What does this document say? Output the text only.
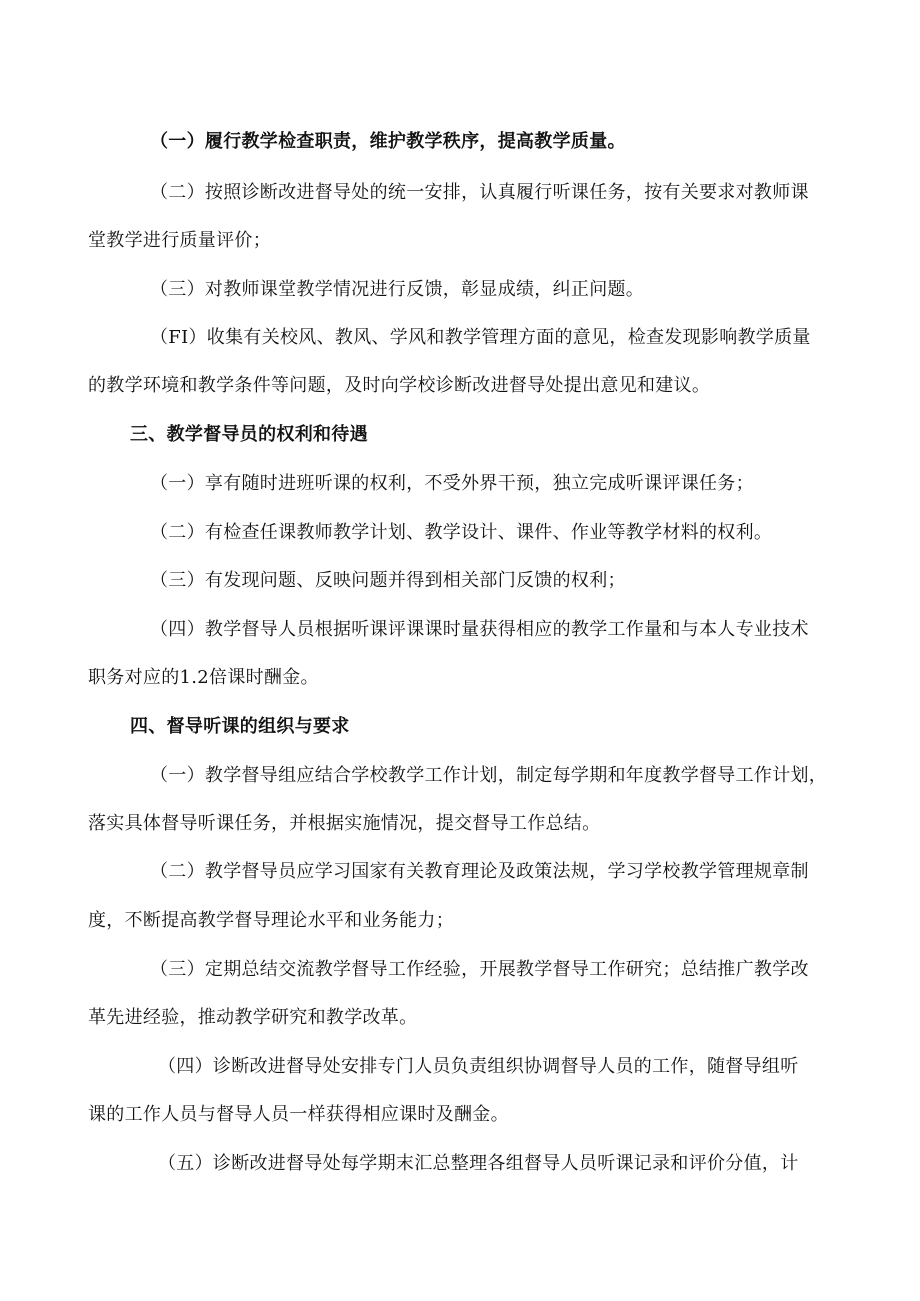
（一）履行教学检查职责，维护教学秩序，提高教学质量。
（二）按照诊断改进督导处的统一安排，认真履行听课任务，按有关要求对教师课
堂教学进行质量评价；
（三）对教师课堂教学情况进行反馈，彰显成绩，纠正问题。
（FI）收集有关校风、教风、学风和教学管理方面的意见，检查发现影响教学质量
的教学环境和教学条件等问题，及时向学校诊断改进督导处提出意见和建议。
三、教学督导员的权利和待遇
（一）享有随时进班听课的权利，不受外界干预，独立完成听课评课任务；
（二）有检查任课教师教学计划、教学设计、课件、作业等教学材料的权利。
（三）有发现问题、反映问题并得到相关部门反馈的权利；
（四）教学督导人员根据听课评课课时量获得相应的教学工作量和与本人专业技术
职务对应的1.2倍课时酬金。
四、督导听课的组织与要求
（一）教学督导组应结合学校教学工作计划，制定每学期和年度教学督导工作计划，
落实具体督导听课任务，并根据实施情况，提交督导工作总结。
（二）教学督导员应学习国家有关教育理论及政策法规，学习学校教学管理规章制
度，不断提高教学督导理论水平和业务能力；
（三）定期总结交流教学督导工作经验，开展教学督导工作研究；总结推广教学改
革先进经验，推动教学研究和教学改革。
（四）诊断改进督导处安排专门人员负责组织协调督导人员的工作，随督导组听
课的工作人员与督导人员一样获得相应课时及酬金。
（五）诊断改进督导处每学期末汇总整理各组督导人员听课记录和评价分值，计
